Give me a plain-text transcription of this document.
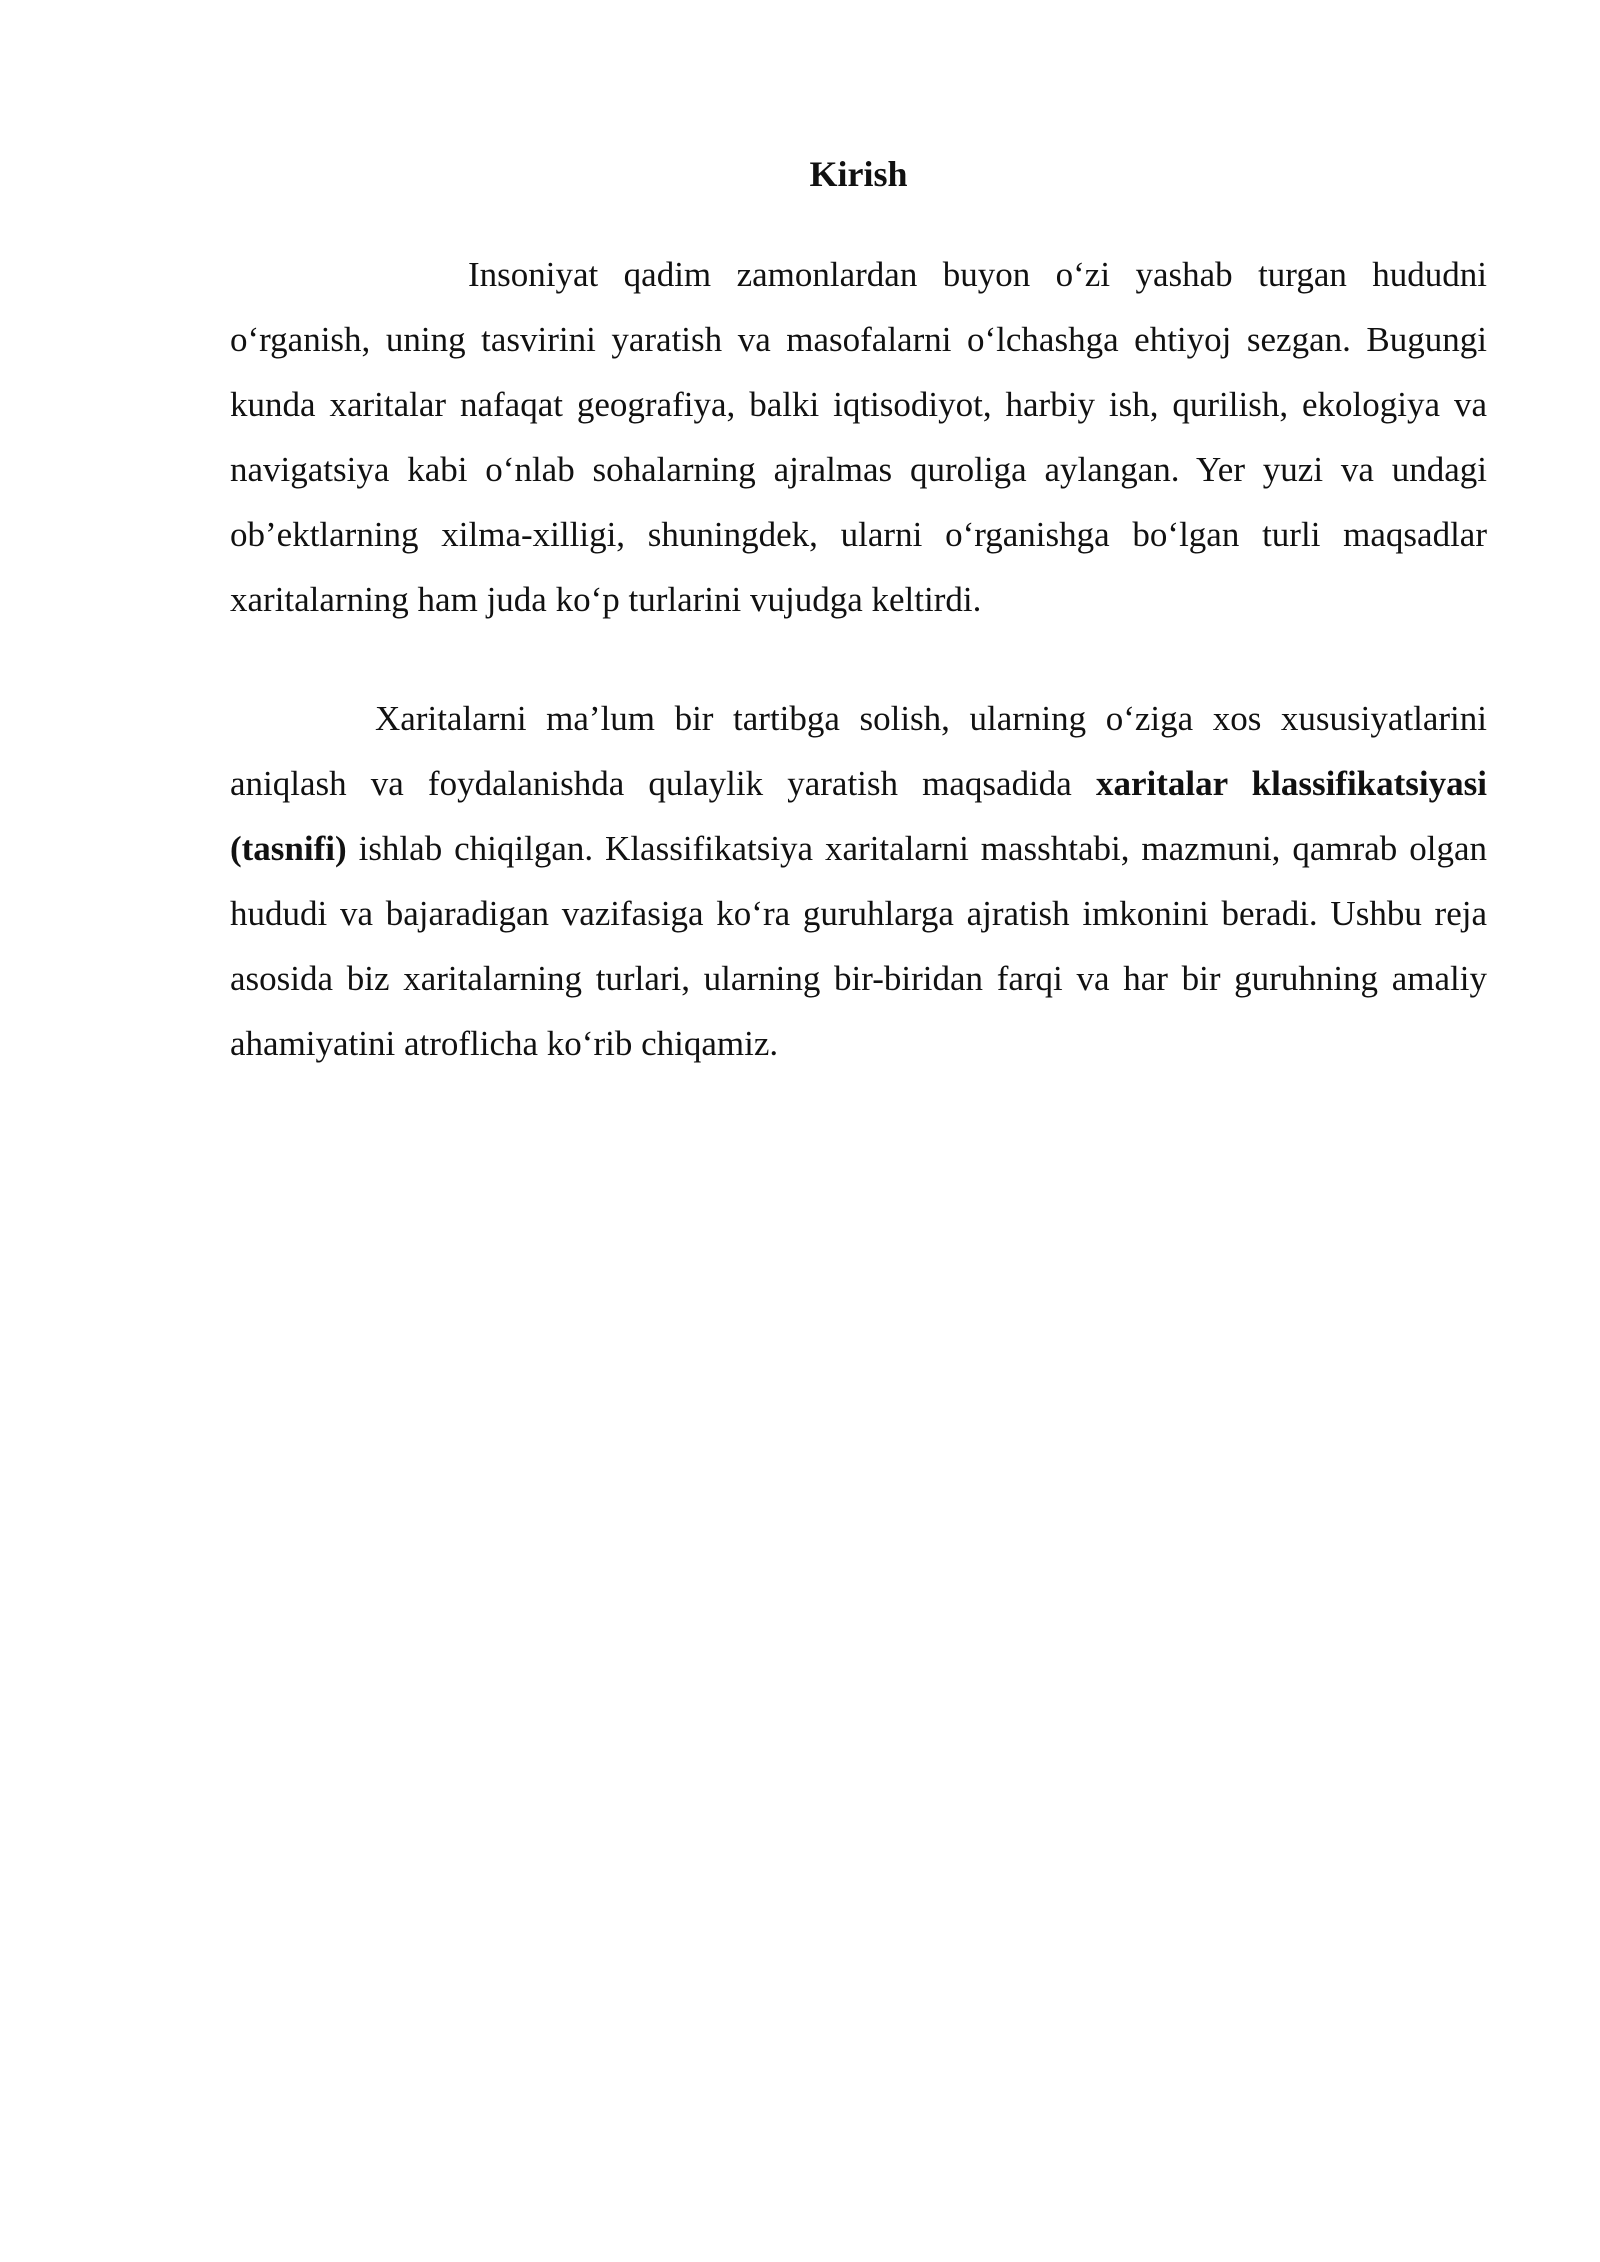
Kirish

Insoniyat qadim zamonlardan buyon o‘zi yashab turgan hududni o‘rganish, uning tasvirini yaratish va masofalarni o‘lchashga ehtiyoj sezgan. Bugungi kunda xaritalar nafaqat geografiya, balki iqtisodiyot, harbiy ish, qurilish, ekologiya va navigatsiya kabi o‘nlab sohalarning ajralmas quroliga aylangan. Yer yuzi va undagi ob’ektlarning xilma-xilligi, shuningdek, ularni o‘rganishga bo‘lgan turli maqsadlar xaritalarning ham juda ko‘p turlarini vujudga keltirdi.

Xaritalarni ma’lum bir tartibga solish, ularning o‘ziga xos xususiyatlarini aniqlash va foydalanishda qulaylik yaratish maqsadida xaritalar klassifikatsiyasi (tasnifi) ishlab chiqilgan. Klassifikatsiya xaritalarni masshtabi, mazmuni, qamrab olgan hududi va bajaradigan vazifasiga ko‘ra guruhlarga ajratish imkonini beradi. Ushbu reja asosida biz xaritalarning turlari, ularning bir-biridan farqi va har bir guruhning amaliy ahamiyatini atroflicha ko‘rib chiqamiz.
